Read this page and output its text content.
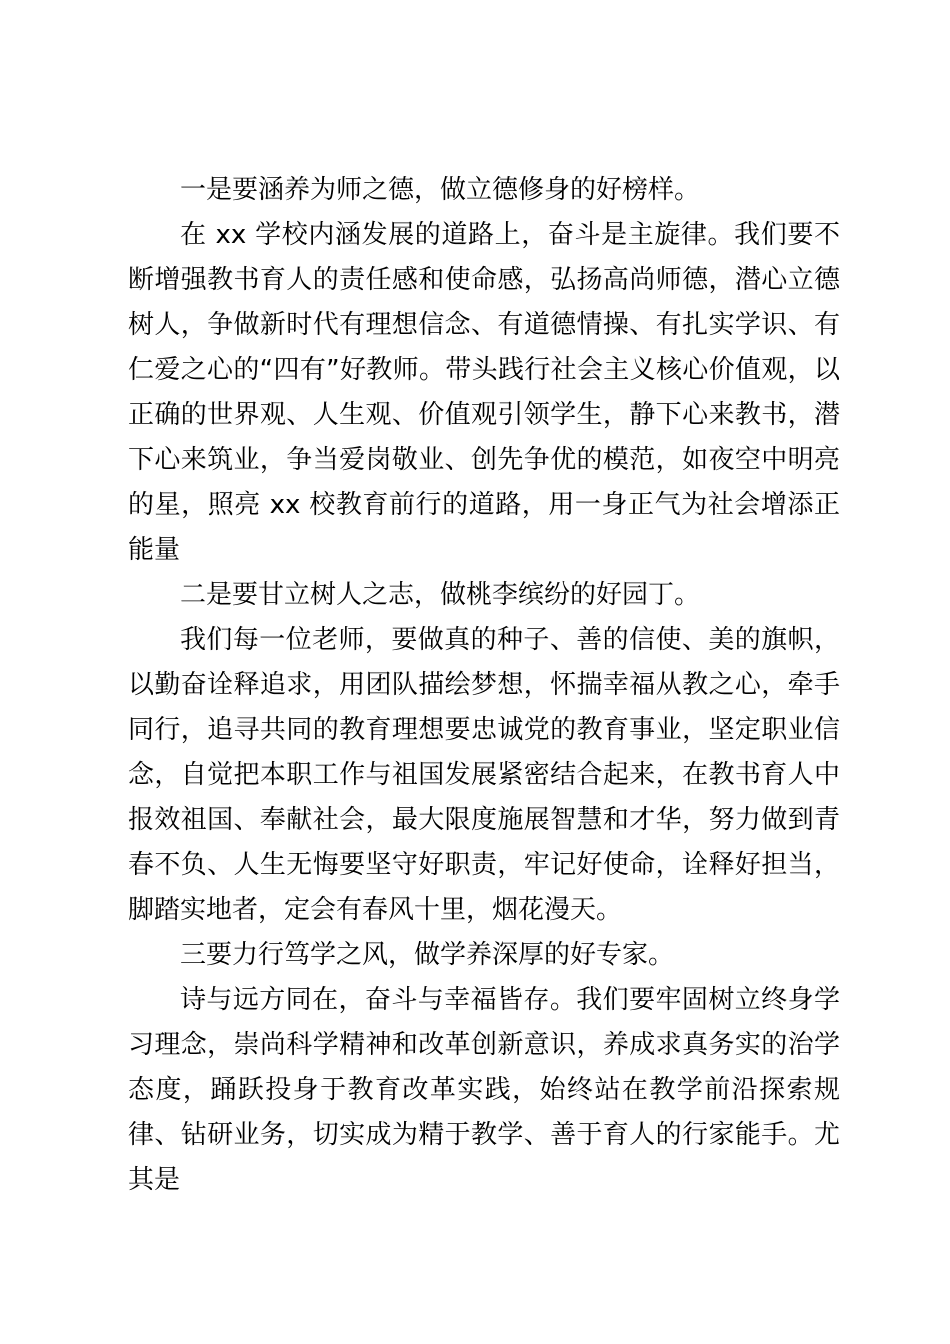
一是要涵养为师之德，做立德修身的好榜样。

在 xx 学校内涵发展的道路上，奋斗是主旋律。我们要不断增强教书育人的责任感和使命感，弘扬高尚师德，潜心立德树人，争做新时代有理想信念、有道德情操、有扎实学识、有仁爱之心的“四有”好教师。带头践行社会主义核心价值观，以正确的世界观、人生观、价值观引领学生，静下心来教书，潜下心来筑业，争当爱岗敬业、创先争优的模范，如夜空中明亮的星，照亮 xx 校教育前行的道路，用一身正气为社会增添正能量

二是要甘立树人之志，做桃李缤纷的好园丁。

我们每一位老师，要做真的种子、善的信使、美的旗帜，以勤奋诠释追求，用团队描绘梦想，怀揣幸福从教之心，牵手同行，追寻共同的教育理想要忠诚党的教育事业，坚定职业信念，自觉把本职工作与祖国发展紧密结合起来，在教书育人中报效祖国、奉献社会，最大限度施展智慧和才华，努力做到青春不负、人生无悔要坚守好职责，牢记好使命，诠释好担当，脚踏实地者，定会有春风十里，烟花漫天。

三要力行笃学之风，做学养深厚的好专家。

诗与远方同在，奋斗与幸福皆存。我们要牢固树立终身学习理念，崇尚科学精神和改革创新意识，养成求真务实的治学态度，踊跃投身于教育改革实践，始终站在教学前沿探索规律、钻研业务，切实成为精于教学、善于育人的行家能手。尤其是
